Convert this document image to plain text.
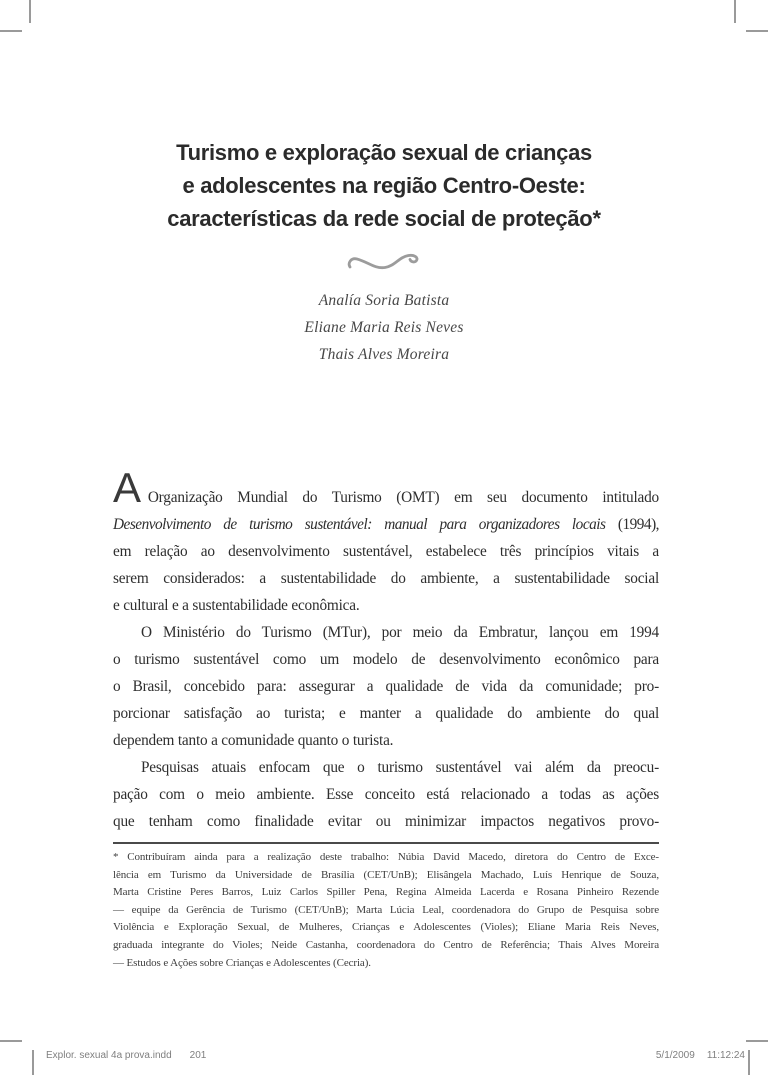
Turismo e exploração sexual de crianças
e adolescentes na região Centro-Oeste:
características da rede social de proteção*
Analía Soria Batista
Eliane Maria Reis Neves
Thais Alves Moreira
A Organização Mundial do Turismo (OMT) em seu documento intitulado
Desenvolvimento de turismo sustentável: manual para organizadores locais (1994),
em relação ao desenvolvimento sustentável, estabelece três princípios vitais a
serem considerados: a sustentabilidade do ambiente, a sustentabilidade social
e cultural e a sustentabilidade econômica.
O Ministério do Turismo (MTur), por meio da Embratur, lançou em 1994
o turismo sustentável como um modelo de desenvolvimento econômico para
o Brasil, concebido para: assegurar a qualidade de vida da comunidade; pro-
porcionar satisfação ao turista; e manter a qualidade do ambiente do qual
dependem tanto a comunidade quanto o turista.
Pesquisas atuais enfocam que o turismo sustentável vai além da preocu-
pação com o meio ambiente. Esse conceito está relacionado a todas as ações
que tenham como finalidade evitar ou minimizar impactos negativos provo-
* Contribuíram ainda para a realização deste trabalho: Núbia David Macedo, diretora do Centro de Exce-
lência em Turismo da Universidade de Brasília (CET/UnB); Elisângela Machado, Luís Henrique de Souza,
Marta Cristine Peres Barros, Luiz Carlos Spiller Pena, Regina Almeida Lacerda e Rosana Pinheiro Rezende
— equipe da Gerência de Turismo (CET/UnB); Marta Lúcia Leal, coordenadora do Grupo de Pesquisa sobre
Violência e Exploração Sexual, de Mulheres, Crianças e Adolescentes (Violes); Eliane Maria Reis Neves,
graduada integrante do Violes; Neide Castanha, coordenadora do Centro de Referência; Thais Alves Moreira
— Estudos e Ações sobre Crianças e Adolescentes (Cecria).
Explor. sexual 4a prova.indd 201	5/1/2009 11:12:24
